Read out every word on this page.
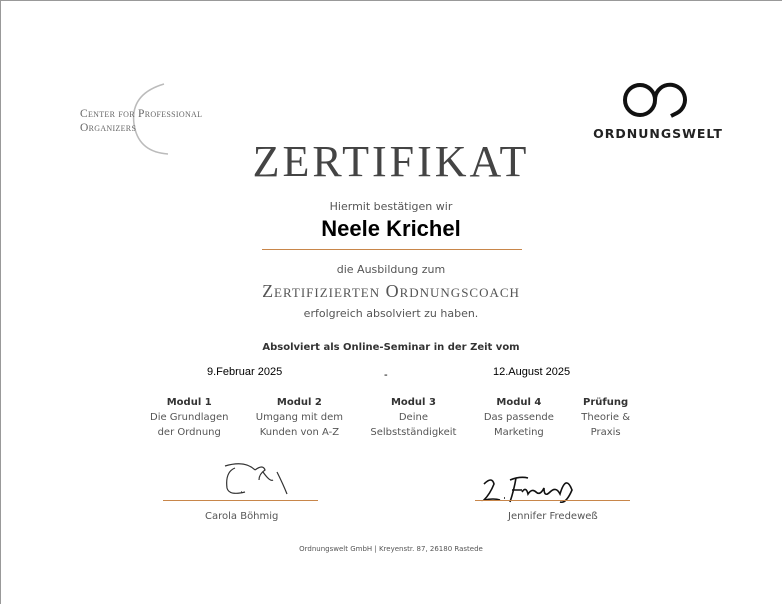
Center for Professional
Organizers	ORDNUNGSWELT
ZERTIFIKAT
Hiermit bestätigen wir
Neele Krichel
die Ausbildung zum
Zertifizierten Ordnungscoach
erfolgreich absolviert zu haben.
Absolviert als Online-Seminar in der Zeit vom
9.Februar 2025	-	12.August 2025
Modul 1
Die Grundlagen
der Ordnung
Modul 2
Umgang mit dem
Kunden von A-Z
Modul 3
Deine
Selbstständigkeit
Modul 4
Das passende
Marketing
Prüfung
Theorie &
Praxis
Carola Böhmig	Jennifer Fredeweß
Ordnungswelt GmbH | Kreyenstr. 87, 26180 Rastede
